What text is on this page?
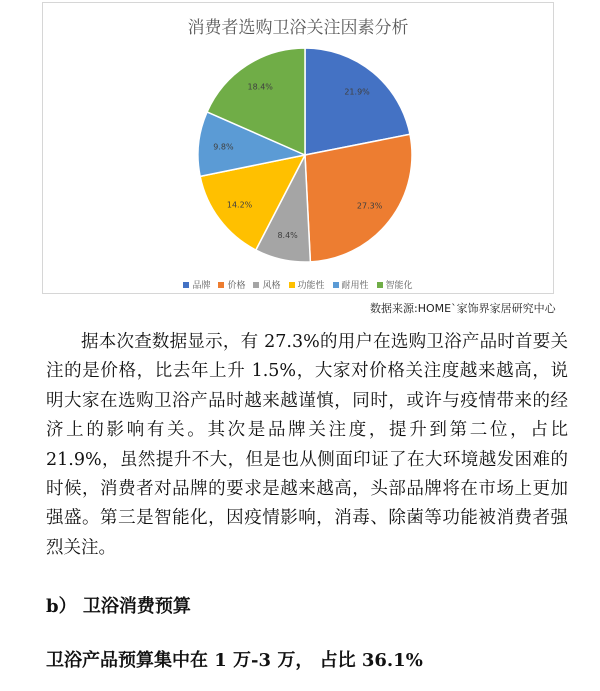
消费者选购卫浴关注因素分析
21.9%
27.3%
8.4%
14.2%
9.8%
18.4%
品牌 价格 风格 功能性 耐用性 智能化
数据来源:HOME`家饰界家居研究中心
据本次查数据显示，有 27.3%的用户在选购卫浴产品时首要关注的是价格，比去年上升 1.5%，大家对价格关注度越来越高，说明大家在选购卫浴产品时越来越谨慎，同时，或许与疫情带来的经济上的影响有关。其次是品牌关注度，提升到第二位，占比 21.9%，虽然提升不大，但是也从侧面印证了在大环境越发困难的时候，消费者对品牌的要求是越来越高，头部品牌将在市场上更加强盛。第三是智能化，因疫情影响，消毒、除菌等功能被消费者强烈关注。
b） 卫浴消费预算
卫浴产品预算集中在 1 万-3 万， 占比 36.1%
